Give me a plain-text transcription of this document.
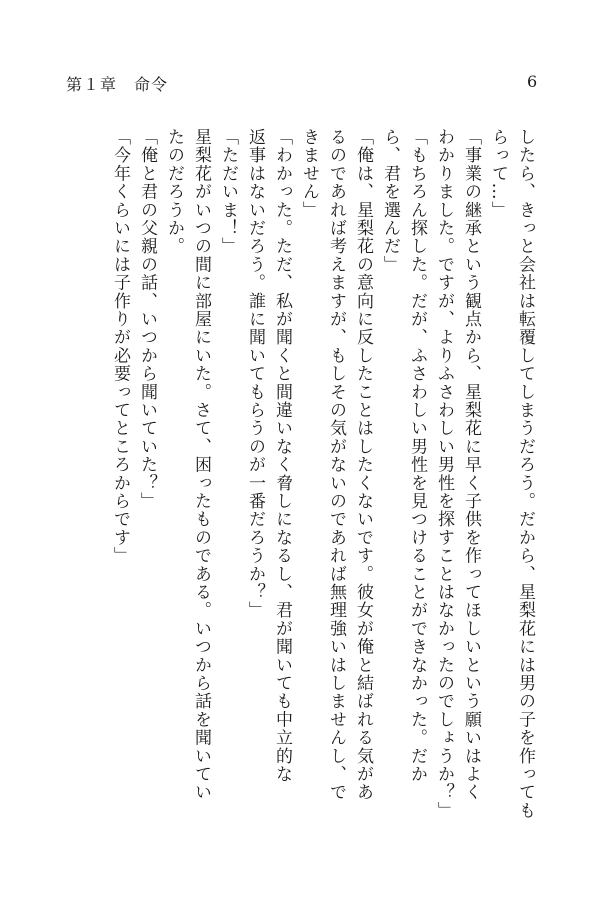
第１章　命令	6
したら、きっと会社は転覆してしまうだろう。だから、星梨花には男の子を作っても
らって…」
「事業の継承という観点から、星梨花に早く子供を作ってほしいという願いはよく
わかりました。ですが、よりふさわしい男性を探すことはなかったのでしょうか？」
「もちろん探した。だが、ふさわしい男性を見つけることができなかった。だか
ら、君を選んだ」
「俺は、星梨花の意向に反したことはしたくないです。彼女が俺と結ばれる気があ
るのであれば考えますが、もしその気がないのであれば無理強いはしませんし、で
きません」
「わかった。ただ、私が聞くと間違いなく脅しになるし、君が聞いても中立的な
返事はないだろう。誰に聞いてもらうのが一番だろうか？」
「ただいま！」
星梨花がいつの間に部屋にいた。さて、困ったものである。いつから話を聞いてい
たのだろうか。
「俺と君の父親の話、いつから聞いていた？」
「今年くらいには子作りが必要ってところからです」
